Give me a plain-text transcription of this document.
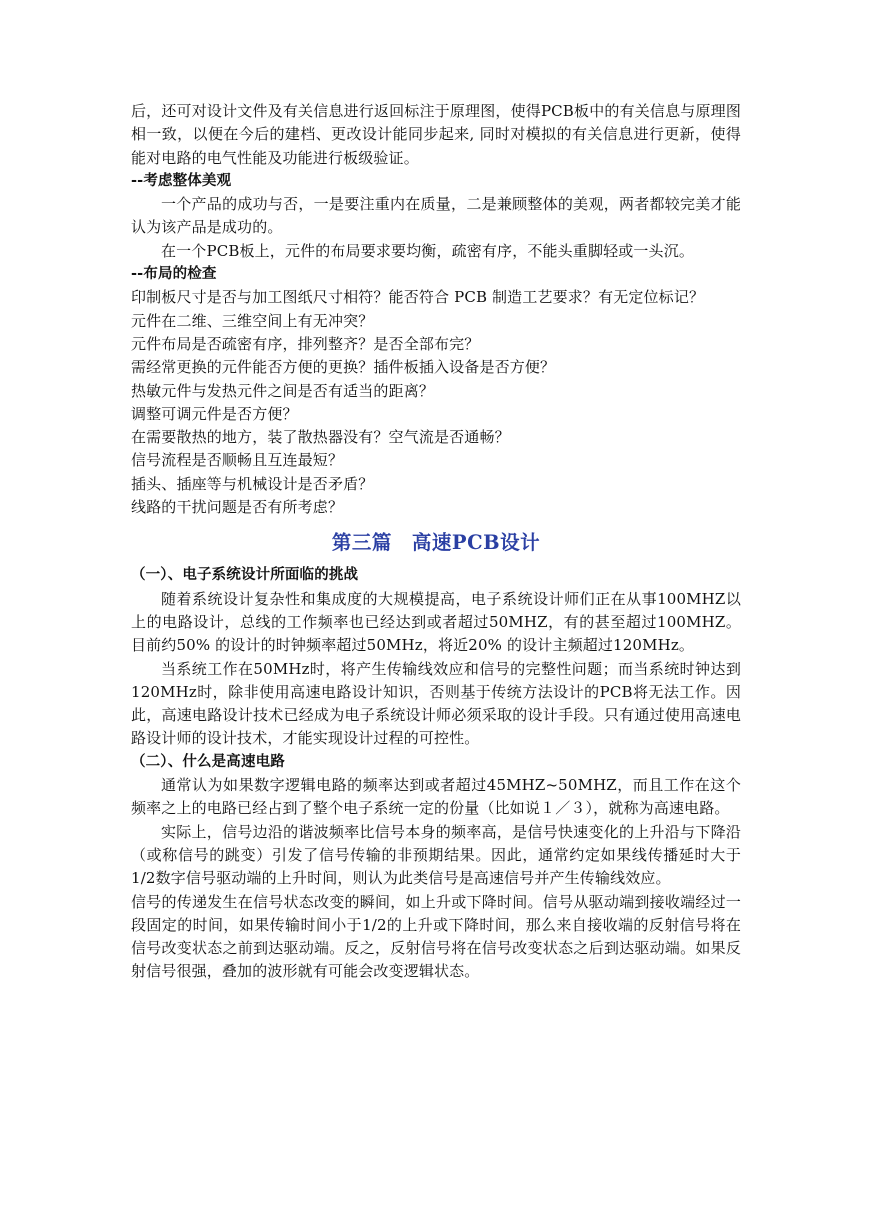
后，还可对设计文件及有关信息进行返回标注于原理图，使得PCB板中的有关信息与原理图相一致，以便在今后的建档、更改设计能同步起来, 同时对模拟的有关信息进行更新，使得能对电路的电气性能及功能进行板级验证。

--考虑整体美观

一个产品的成功与否，一是要注重内在质量，二是兼顾整体的美观，两者都较完美才能认为该产品是成功的。

在一个PCB板上，元件的布局要求要均衡，疏密有序，不能头重脚轻或一头沉。

--布局的检查

印制板尺寸是否与加工图纸尺寸相符？能否符合 PCB 制造工艺要求？有无定位标记？

元件在二维、三维空间上有无冲突？

元件布局是否疏密有序，排列整齐？是否全部布完？

需经常更换的元件能否方便的更换？插件板插入设备是否方便？

热敏元件与发热元件之间是否有适当的距离？

调整可调元件是否方便？

在需要散热的地方，装了散热器没有？空气流是否通畅？

信号流程是否顺畅且互连最短？

插头、插座等与机械设计是否矛盾？

线路的干扰问题是否有所考虑？

第三篇　高速PCB设计

（一）、电子系统设计所面临的挑战

随着系统设计复杂性和集成度的大规模提高，电子系统设计师们正在从事100MHZ以上的电路设计，总线的工作频率也已经达到或者超过50MHZ，有的甚至超过100MHZ。目前约50% 的设计的时钟频率超过50MHz，将近20% 的设计主频超过120MHz。

当系统工作在50MHz时，将产生传输线效应和信号的完整性问题；而当系统时钟达到120MHz时，除非使用高速电路设计知识，否则基于传统方法设计的PCB将无法工作。因此，高速电路设计技术已经成为电子系统设计师必须采取的设计手段。只有通过使用高速电路设计师的设计技术，才能实现设计过程的可控性。

（二）、什么是高速电路

通常认为如果数字逻辑电路的频率达到或者超过45MHZ~50MHZ，而且工作在这个频率之上的电路已经占到了整个电子系统一定的份量（比如说１／３），就称为高速电路。

实际上，信号边沿的谐波频率比信号本身的频率高，是信号快速变化的上升沿与下降沿（或称信号的跳变）引发了信号传输的非预期结果。因此，通常约定如果线传播延时大于1/2数字信号驱动端的上升时间，则认为此类信号是高速信号并产生传输线效应。

信号的传递发生在信号状态改变的瞬间，如上升或下降时间。信号从驱动端到接收端经过一段固定的时间，如果传输时间小于1/2的上升或下降时间，那么来自接收端的反射信号将在信号改变状态之前到达驱动端。反之，反射信号将在信号改变状态之后到达驱动端。如果反射信号很强，叠加的波形就有可能会改变逻辑状态。
